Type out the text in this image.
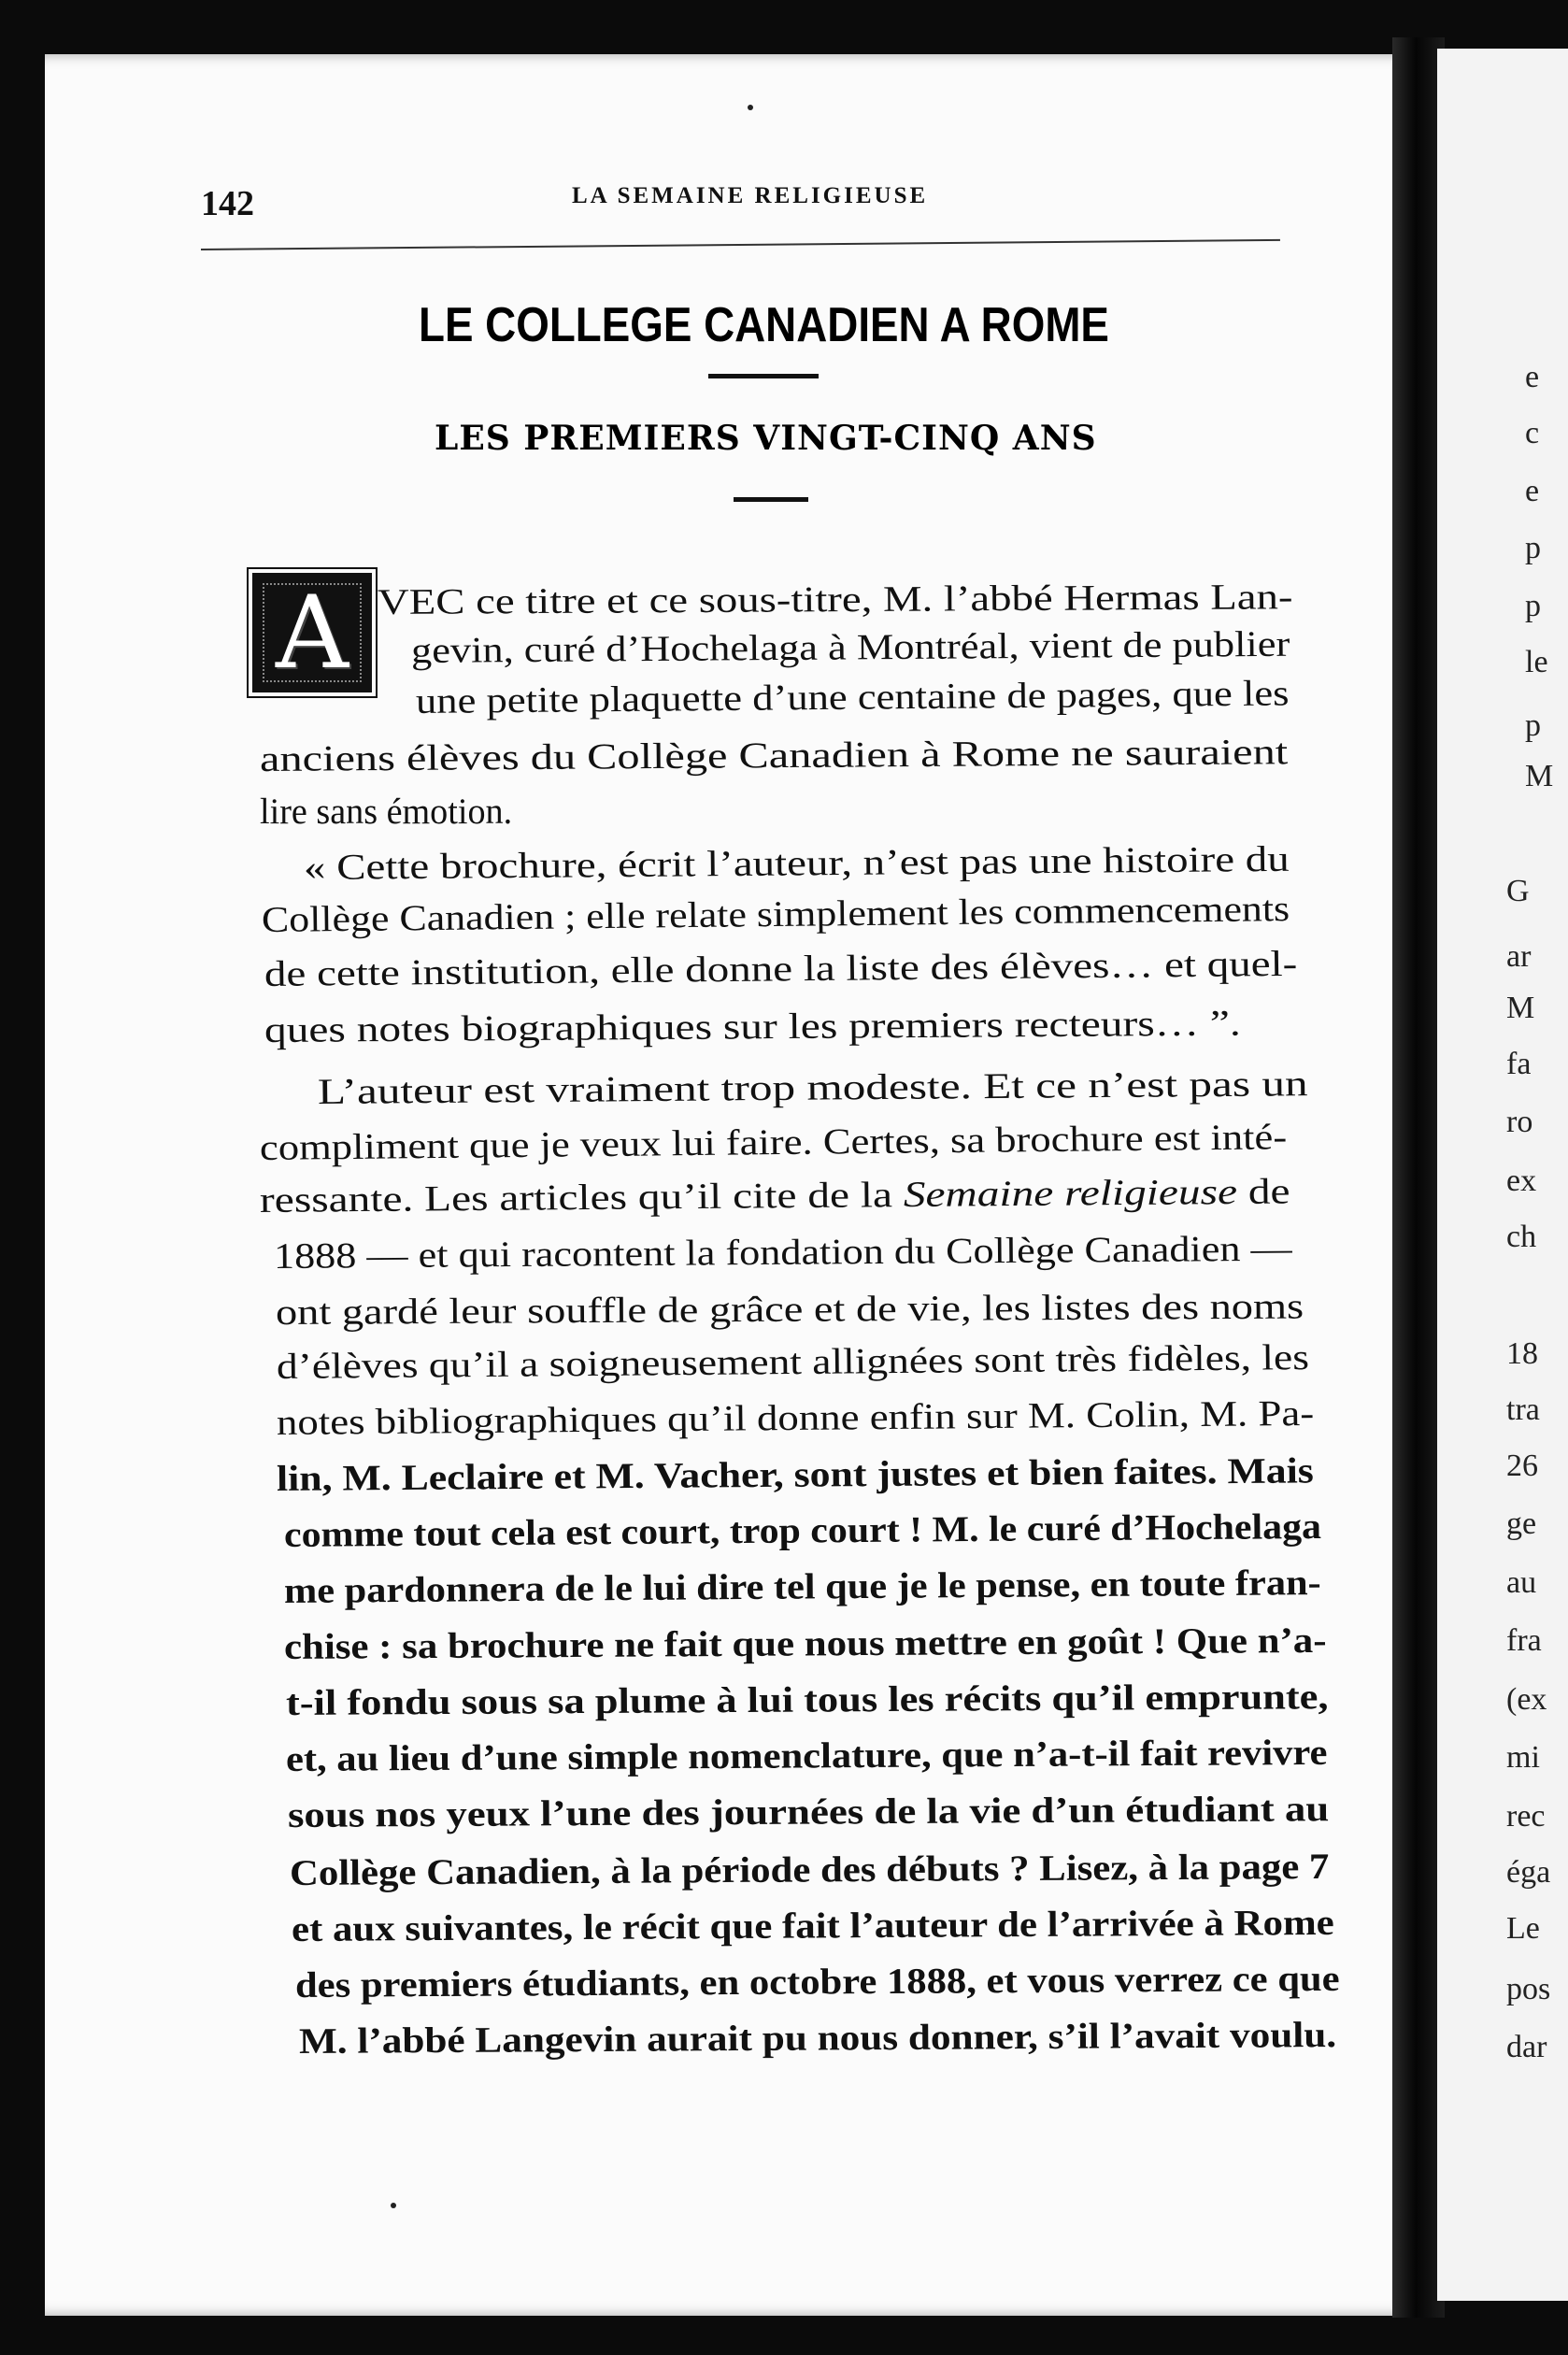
142	LA SEMAINE RELIGIEUSE
LE COLLEGE CANADIEN A ROME
LES PREMIERS VINGT-CINQ ANS
A VEC ce titre et ce sous-titre, M. l’abbé Hermas Lan-
gevin, curé d’Hochelaga à Montréal, vient de publier
une petite plaquette d’une centaine de pages, que les
anciens élèves du Collège Canadien à Rome ne sauraient
lire sans émotion.
« Cette brochure, écrit l’auteur, n’est pas une histoire du
Collège Canadien ; elle relate simplement les commencements
de cette institution, elle donne la liste des élèves… et quel-
ques notes biographiques sur les premiers recteurs… ”.
L’auteur est vraiment trop modeste. Et ce n’est pas un
compliment que je veux lui faire. Certes, sa brochure est inté-
ressante. Les articles qu’il cite de la Semaine religieuse de
1888 — et qui racontent la fondation du Collège Canadien —
ont gardé leur souffle de grâce et de vie, les listes des noms
d’élèves qu’il a soigneusement allignées sont très fidèles, les
notes bibliographiques qu’il donne enfin sur M. Colin, M. Pa-
lin, M. Leclaire et M. Vacher, sont justes et bien faites. Mais
comme tout cela est court, trop court ! M. le curé d’Hochelaga
me pardonnera de le lui dire tel que je le pense, en toute fran-
chise : sa brochure ne fait que nous mettre en goût ! Que n’a-
t-il fondu sous sa plume à lui tous les récits qu’il emprunte,
et, au lieu d’une simple nomenclature, que n’a-t-il fait revivre
sous nos yeux l’une des journées de la vie d’un étudiant au
Collège Canadien, à la période des débuts ? Lisez, à la page 7
et aux suivantes, le récit que fait l’auteur de l’arrivée à Rome
des premiers étudiants, en octobre 1888, et vous verrez ce que
M. l’abbé Langevin aurait pu nous donner, s’il l’avait voulu.
e
c
e
p
p
le
p
M
G
ar
M
fa
ro
ex
ch
18
tra
26
ge
au
fra
(ex
mi
rec
éga
Le
pos
dar
